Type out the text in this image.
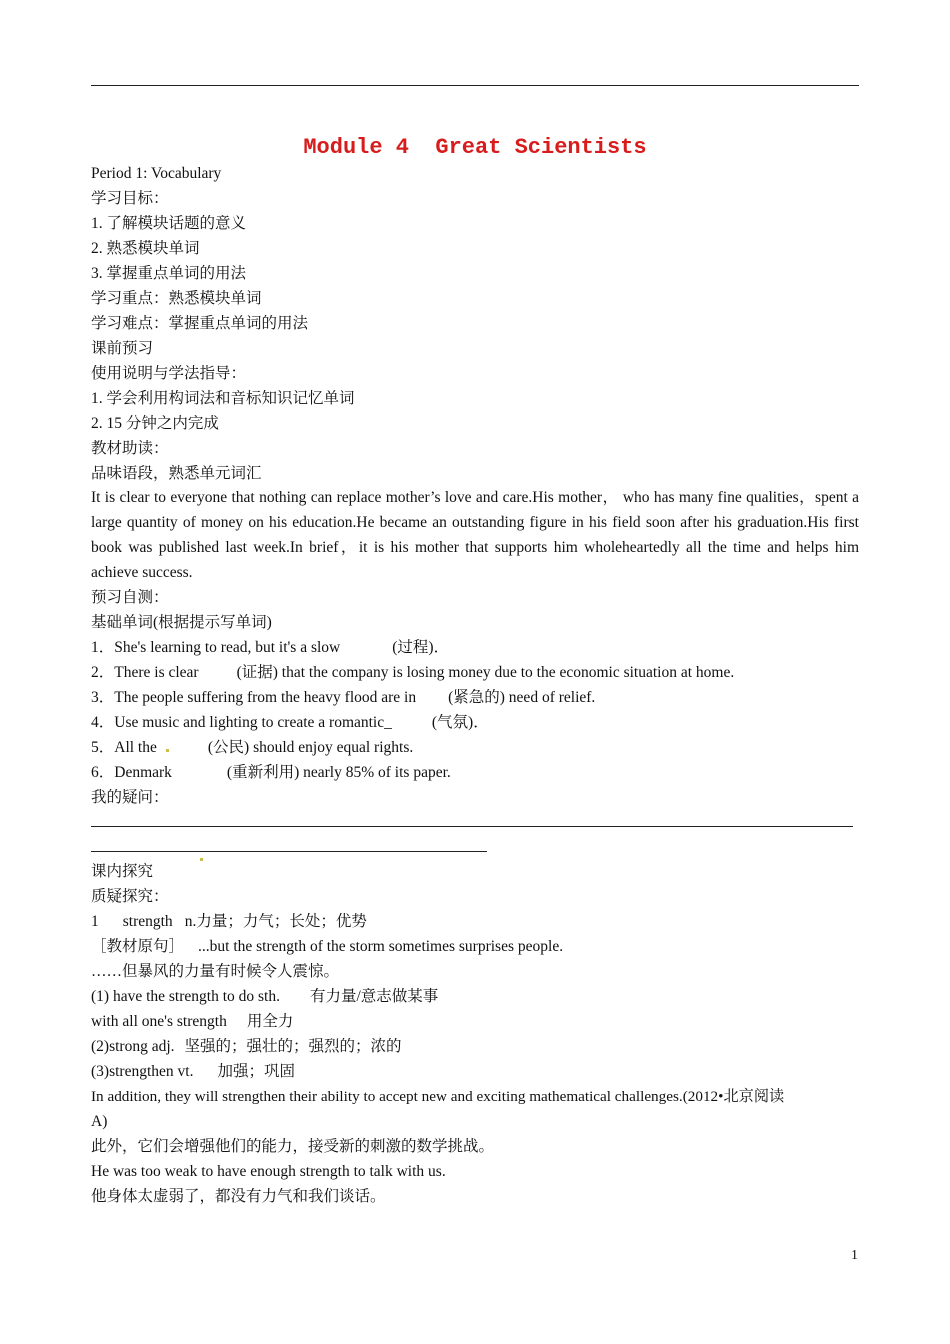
Module 4  Great Scientists
Period 1: Vocabulary
学习目标：
1. 了解模块话题的意义
2. 熟悉模块单词
3. 掌握重点单词的用法
学习重点：熟悉模块单词
学习难点：掌握重点单词的用法
课前预习
使用说明与学法指导：
1. 学会利用构词法和音标知识记忆单词
2. 15 分钟之内完成
教材助读：
品味语段，熟悉单元词汇
It is clear to everyone that nothing can replace mother’s love and care.His mother， who has many fine qualities，spent a large quantity of money on his education.He became an outstanding figure in his field soon after his graduation.His first book was published last week.In brief，it is his mother that supports him wholeheartedly all the time and helps him achieve success.
预习自测：
基础单词(根据提示写单词)
1．She's learning to read, but it's a slow	(过程)．
2．There is clear (证据) that the company is losing money due to the economic situation at home.
3．The people suffering from the heavy flood are in (紧急的) need of relief.
4．Use music and lighting to create a romantic_	(气氛)．
5．All the	(公民) should enjoy equal rights.
6．Denmark	(重新利用) nearly 85% of its paper.
我的疑问：
课内探究
质疑探究：
1 strength n.力量；力气；长处；优势
［教材原句］ ...but the strength of the storm sometimes surprises people.
……但暴风的力量有时候令人震惊。
(1) have the strength to do sth. 有力量/意志做某事
with all one's strength 用全力
(2)strong adj. 坚强的；强壮的；强烈的；浓的
(3)strengthen vt. 加强；巩固
In addition, they will strengthen their ability to accept new and exciting mathematical challenges.(2012•北京阅读
A)
此外，它们会增强他们的能力，接受新的刺激的数学挑战。
He was too weak to have enough strength to talk with us.
他身体太虚弱了，都没有力气和我们谈话。
1
